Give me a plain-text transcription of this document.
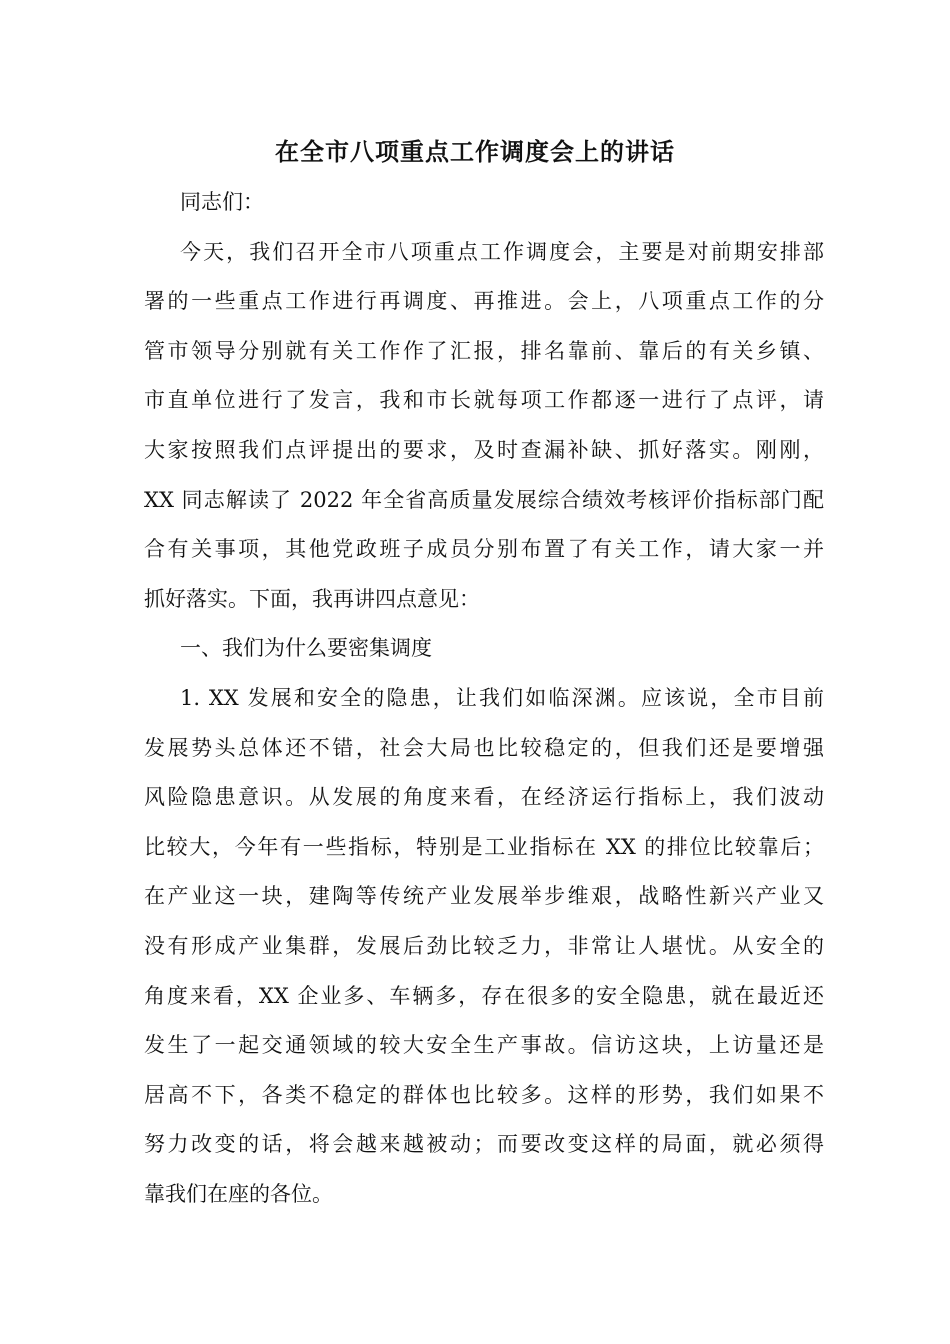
在全市八项重点工作调度会上的讲话
同志们：
今天，我们召开全市八项重点工作调度会，主要是对前期安排部
署的一些重点工作进行再调度、再推进。会上，八项重点工作的分
管市领导分别就有关工作作了汇报，排名靠前、靠后的有关乡镇、
市直单位进行了发言，我和市长就每项工作都逐一进行了点评，请
大家按照我们点评提出的要求，及时查漏补缺、抓好落实。刚刚，
XX 同志解读了 2022 年全省高质量发展综合绩效考核评价指标部门配
合有关事项，其他党政班子成员分别布置了有关工作，请大家一并
抓好落实。下面，我再讲四点意见：
一、我们为什么要密集调度
1. XX 发展和安全的隐患，让我们如临深渊。应该说，全市目前
发展势头总体还不错，社会大局也比较稳定的，但我们还是要增强
风险隐患意识。从发展的角度来看，在经济运行指标上，我们波动
比较大，今年有一些指标，特别是工业指标在 XX 的排位比较靠后；
在产业这一块，建陶等传统产业发展举步维艰，战略性新兴产业又
没有形成产业集群，发展后劲比较乏力，非常让人堪忧。从安全的
角度来看，XX 企业多、车辆多，存在很多的安全隐患，就在最近还
发生了一起交通领域的较大安全生产事故。信访这块，上访量还是
居高不下，各类不稳定的群体也比较多。这样的形势，我们如果不
努力改变的话，将会越来越被动；而要改变这样的局面，就必须得
靠我们在座的各位。
